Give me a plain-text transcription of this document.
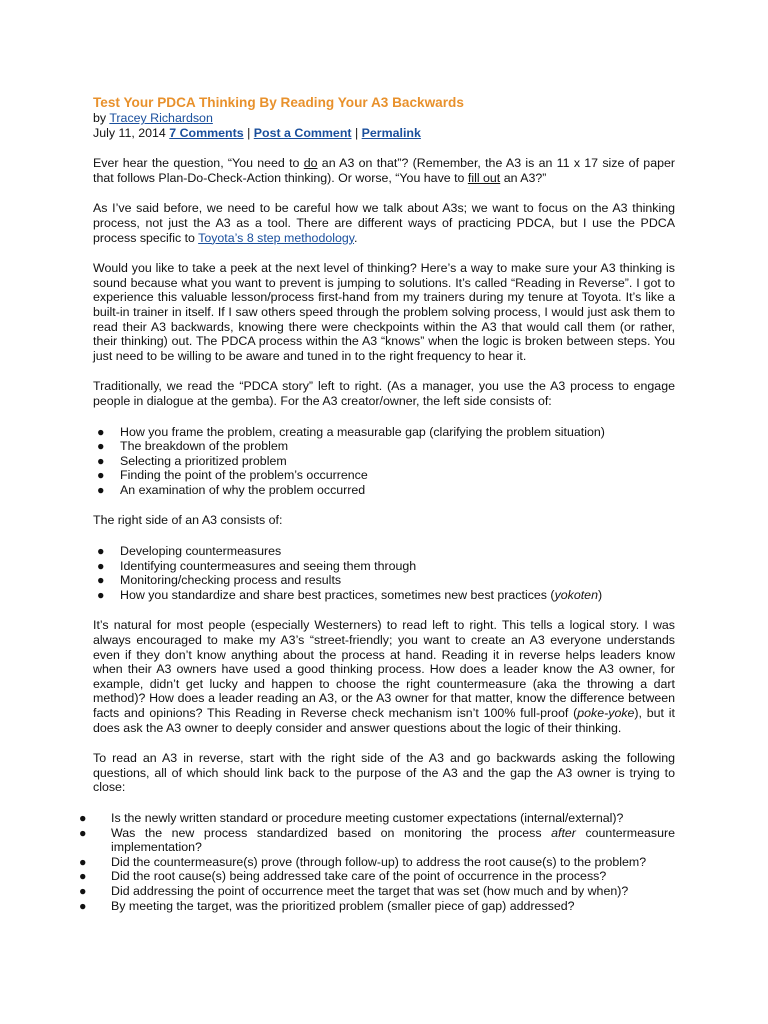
Test Your PDCA Thinking By Reading Your A3 Backwards
by Tracey Richardson
July 11, 2014 7 Comments | Post a Comment | Permalink

Ever hear the question, “You need to do an A3 on that”? (Remember, the A3 is an 11 x 17 size of paper that follows Plan-Do-Check-Action thinking). Or worse, “You have to fill out an A3?”

As I’ve said before, we need to be careful how we talk about A3s; we want to focus on the A3 thinking process, not just the A3 as a tool. There are different ways of practicing PDCA, but I use the PDCA process specific to Toyota’s 8 step methodology.

Would you like to take a peek at the next level of thinking? Here’s a way to make sure your A3 thinking is sound because what you want to prevent is jumping to solutions. It’s called “Reading in Reverse”. I got to experience this valuable lesson/process first-hand from my trainers during my tenure at Toyota. It’s like a built-in trainer in itself. If I saw others speed through the problem solving process, I would just ask them to read their A3 backwards, knowing there were checkpoints within the A3 that would call them (or rather, their thinking) out. The PDCA process within the A3 “knows” when the logic is broken between steps. You just need to be willing to be aware and tuned in to the right frequency to hear it.

Traditionally, we read the “PDCA story” left to right. (As a manager, you use the A3 process to engage people in dialogue at the gemba). For the A3 creator/owner, the left side consists of:

● How you frame the problem, creating a measurable gap (clarifying the problem situation)
● The breakdown of the problem
● Selecting a prioritized problem
● Finding the point of the problem’s occurrence
● An examination of why the problem occurred

The right side of an A3 consists of:

● Developing countermeasures
● Identifying countermeasures and seeing them through
● Monitoring/checking process and results
● How you standardize and share best practices, sometimes new best practices (yokoten)

It’s natural for most people (especially Westerners) to read left to right. This tells a logical story. I was always encouraged to make my A3’s “street-friendly; you want to create an A3 everyone understands even if they don’t know anything about the process at hand. Reading it in reverse helps leaders know when their A3 owners have used a good thinking process. How does a leader know the A3 owner, for example, didn’t get lucky and happen to choose the right countermeasure (aka the throwing a dart method)? How does a leader reading an A3, or the A3 owner for that matter, know the difference between facts and opinions? This Reading in Reverse check mechanism isn’t 100% full-proof (poke-yoke), but it does ask the A3 owner to deeply consider and answer questions about the logic of their thinking.

To read an A3 in reverse, start with the right side of the A3 and go backwards asking the following questions, all of which should link back to the purpose of the A3 and the gap the A3 owner is trying to close:

● Is the newly written standard or procedure meeting customer expectations (internal/external)?
● Was the new process standardized based on monitoring the process after countermeasure implementation?
● Did the countermeasure(s) prove (through follow-up) to address the root cause(s) to the problem?
● Did the root cause(s) being addressed take care of the point of occurrence in the process?
● Did addressing the point of occurrence meet the target that was set (how much and by when)?
● By meeting the target, was the prioritized problem (smaller piece of gap) addressed?
